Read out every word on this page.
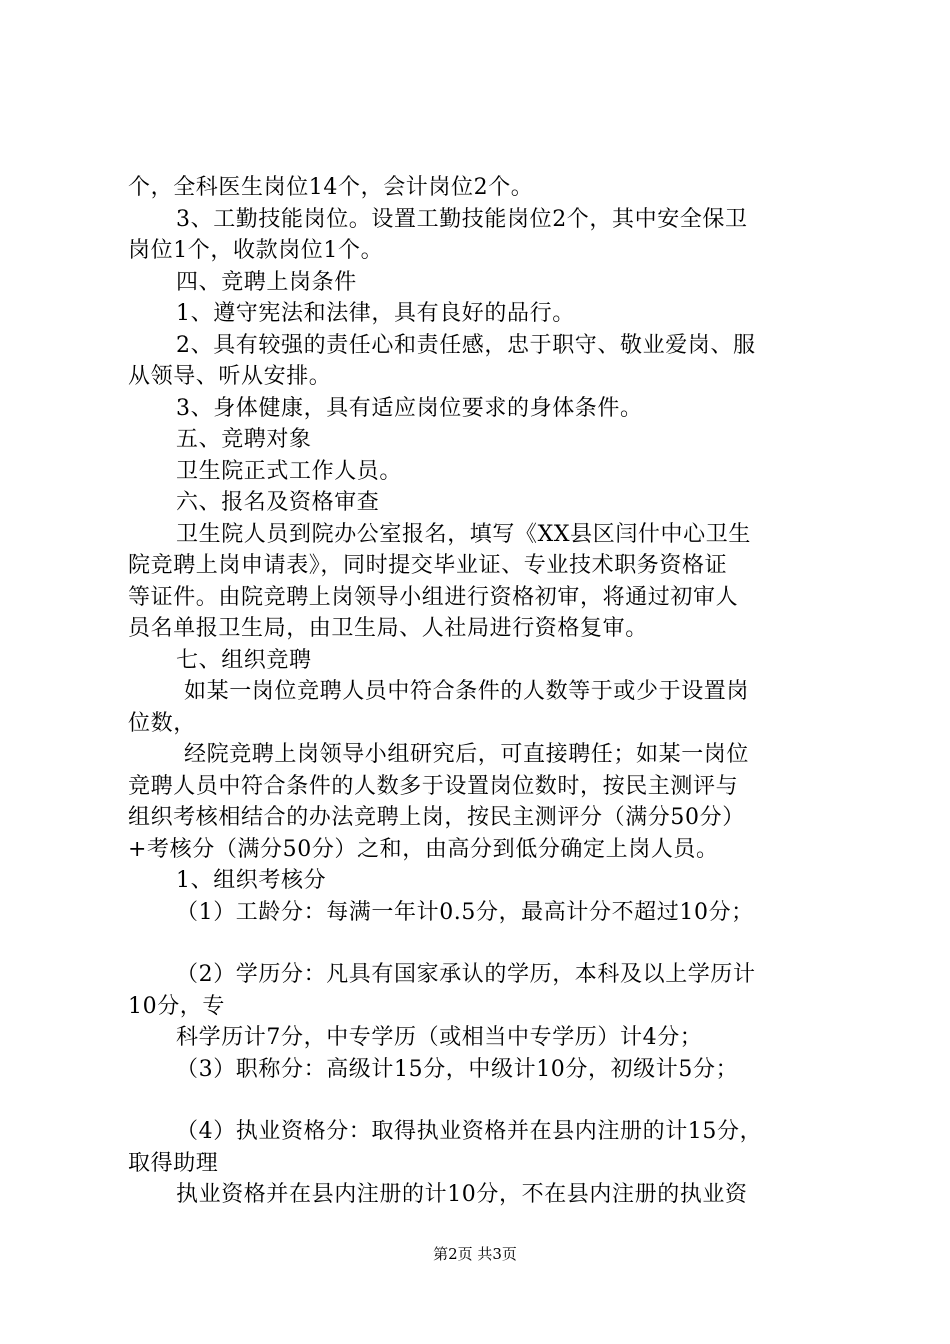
个，全科医生岗位14个，会计岗位2个。
3、工勤技能岗位。设置工勤技能岗位2个，其中安全保卫
岗位1个，收款岗位1个。
四、竞聘上岗条件
1、遵守宪法和法律，具有良好的品行。
2、具有较强的责任心和责任感，忠于职守、敬业爱岗、服
从领导、听从安排。
3、身体健康，具有适应岗位要求的身体条件。
五、竞聘对象
卫生院正式工作人员。
六、报名及资格审查
卫生院人员到院办公室报名，填写《XX县区闫什中心卫生
院竞聘上岗申请表》，同时提交毕业证、专业技术职务资格证
等证件。由院竞聘上岗领导小组进行资格初审，将通过初审人
员名单报卫生局，由卫生局、人社局进行资格复审。
七、组织竞聘
如某一岗位竞聘人员中符合条件的人数等于或少于设置岗
位数，
经院竞聘上岗领导小组研究后，可直接聘任；如某一岗位
竞聘人员中符合条件的人数多于设置岗位数时，按民主测评与
组织考核相结合的办法竞聘上岗，按民主测评分（满分50分）
+考核分（满分50分）之和，由高分到低分确定上岗人员。
1、组织考核分
（1）工龄分：每满一年计0.5分，最高计分不超过10分；
（2）学历分：凡具有国家承认的学历，本科及以上学历计
10分，专
科学历计7分，中专学历（或相当中专学历）计4分；
（3）职称分：高级计15分，中级计10分，初级计5分；
（4）执业资格分：取得执业资格并在县内注册的计15分，
取得助理
执业资格并在县内注册的计10分，不在县内注册的执业资
第2页 共3页
